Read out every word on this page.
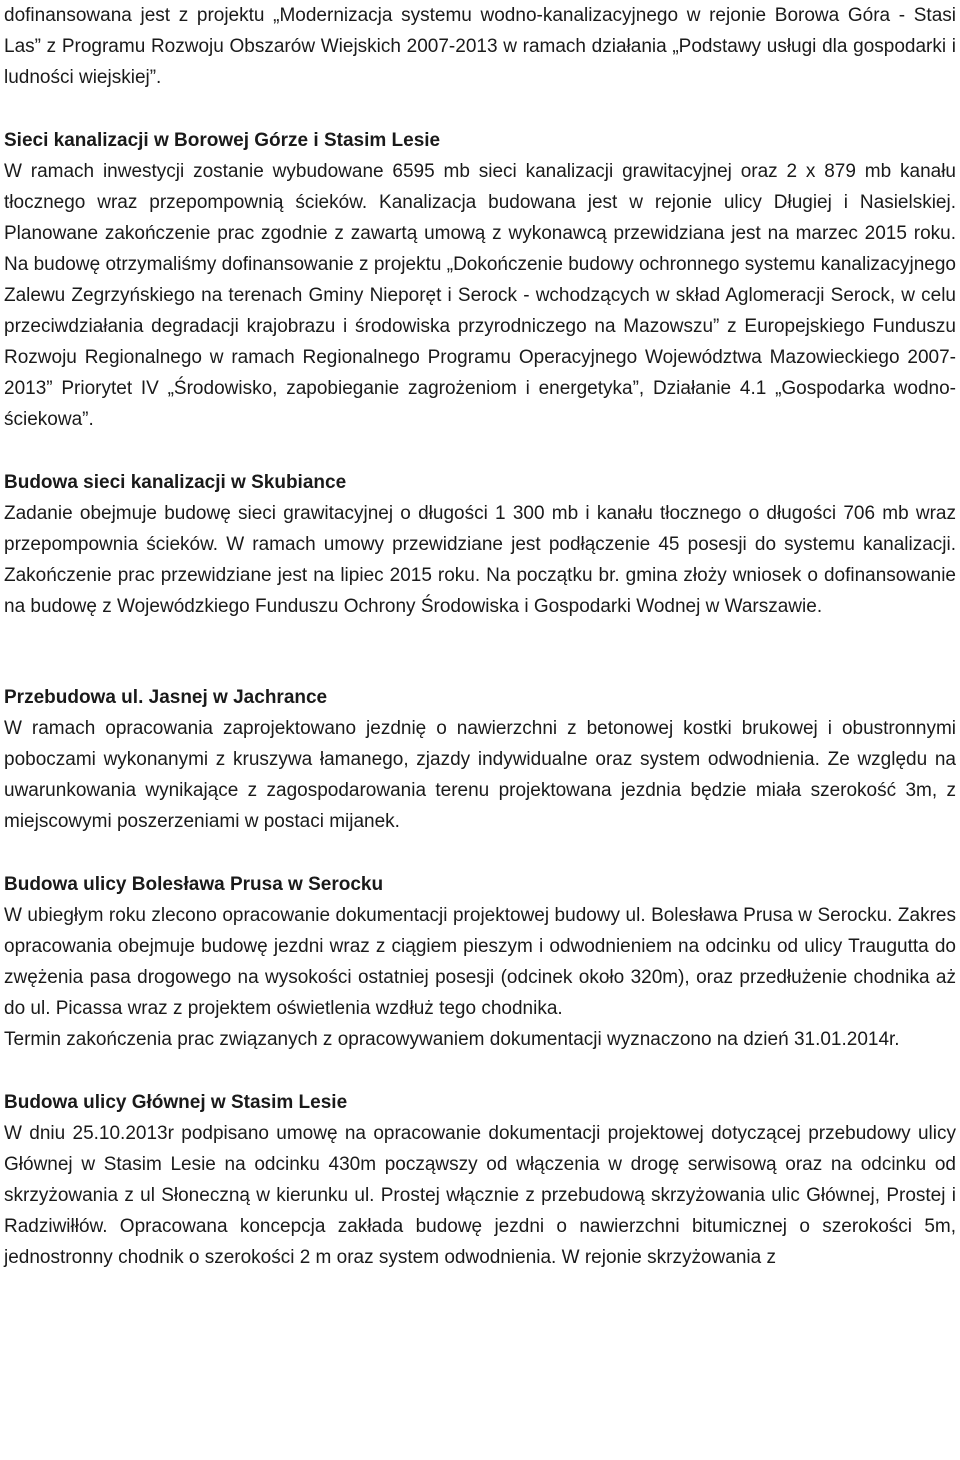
dofinansowana jest z projektu „Modernizacja systemu wodno-kanalizacyjnego w rejonie Borowa Góra - Stasi Las” z Programu Rozwoju Obszarów Wiejskich 2007-2013 w ramach działania „Podstawy usługi dla gospodarki i ludności wiejskiej”.

Sieci kanalizacji w Borowej Górze i Stasim Lesie

W ramach inwestycji zostanie wybudowane 6595 mb sieci kanalizacji grawitacyjnej oraz 2 x 879 mb kanału tłocznego wraz przepompownią ścieków. Kanalizacja budowana jest w rejonie ulicy Długiej i Nasielskiej. Planowane zakończenie prac zgodnie z zawartą umową z wykonawcą przewidziana jest na marzec 2015 roku. Na budowę otrzymaliśmy dofinansowanie z projektu „Dokończenie budowy ochronnego systemu kanalizacyjnego Zalewu Zegrzyńskiego na terenach Gminy Nieporęt i Serock - wchodzących w skład Aglomeracji Serock, w celu przeciwdziałania degradacji krajobrazu i środowiska przyrodniczego na Mazowszu” z Europejskiego Funduszu Rozwoju Regionalnego w ramach Regionalnego Programu Operacyjnego Województwa Mazowieckiego 2007-2013” Priorytet IV „Środowisko, zapobieganie zagrożeniom i energetyka”, Działanie 4.1 „Gospodarka wodno-ściekowa”.

Budowa sieci kanalizacji w Skubiance

Zadanie obejmuje budowę sieci grawitacyjnej o długości 1 300 mb i kanału tłocznego o długości 706 mb wraz przepompownia ścieków. W ramach umowy przewidziane jest podłączenie 45 posesji do systemu kanalizacji. Zakończenie prac przewidziane jest na lipiec 2015 roku. Na początku br. gmina złoży wniosek o dofinansowanie na budowę z Wojewódzkiego Funduszu Ochrony Środowiska i Gospodarki Wodnej w Warszawie.

Przebudowa ul. Jasnej w Jachrance

W ramach opracowania zaprojektowano jezdnię o nawierzchni z betonowej kostki brukowej i obustronnymi poboczami wykonanymi z kruszywa łamanego, zjazdy indywidualne oraz system odwodnienia. Ze względu na uwarunkowania wynikające z zagospodarowania terenu projektowana jezdnia będzie miała szerokość 3m, z miejscowymi poszerzeniami w postaci mijanek.

Budowa ulicy Bolesława Prusa w Serocku

W ubiegłym roku zlecono opracowanie dokumentacji projektowej budowy ul. Bolesława Prusa w Serocku. Zakres opracowania obejmuje budowę jezdni wraz z ciągiem pieszym i odwodnieniem na odcinku od ulicy Traugutta do zwężenia pasa drogowego na wysokości ostatniej posesji (odcinek około 320m), oraz przedłużenie chodnika aż do ul. Picassa wraz z projektem oświetlenia wzdłuż tego chodnika.

Termin zakończenia prac związanych z opracowywaniem dokumentacji wyznaczono na dzień 31.01.2014r.

Budowa ulicy Głównej w Stasim Lesie

W dniu 25.10.2013r podpisano umowę na opracowanie dokumentacji projektowej dotyczącej przebudowy ulicy Głównej w Stasim Lesie na odcinku 430m począwszy od włączenia w drogę serwisową oraz na odcinku od skrzyżowania z ul Słoneczną w kierunku ul. Prostej włącznie z przebudową skrzyżowania ulic Głównej, Prostej i Radziwiłłów. Opracowana koncepcja zakłada budowę jezdni o nawierzchni bitumicznej o szerokości 5m, jednostronny chodnik o szerokości 2 m oraz system odwodnienia. W rejonie skrzyżowania z
